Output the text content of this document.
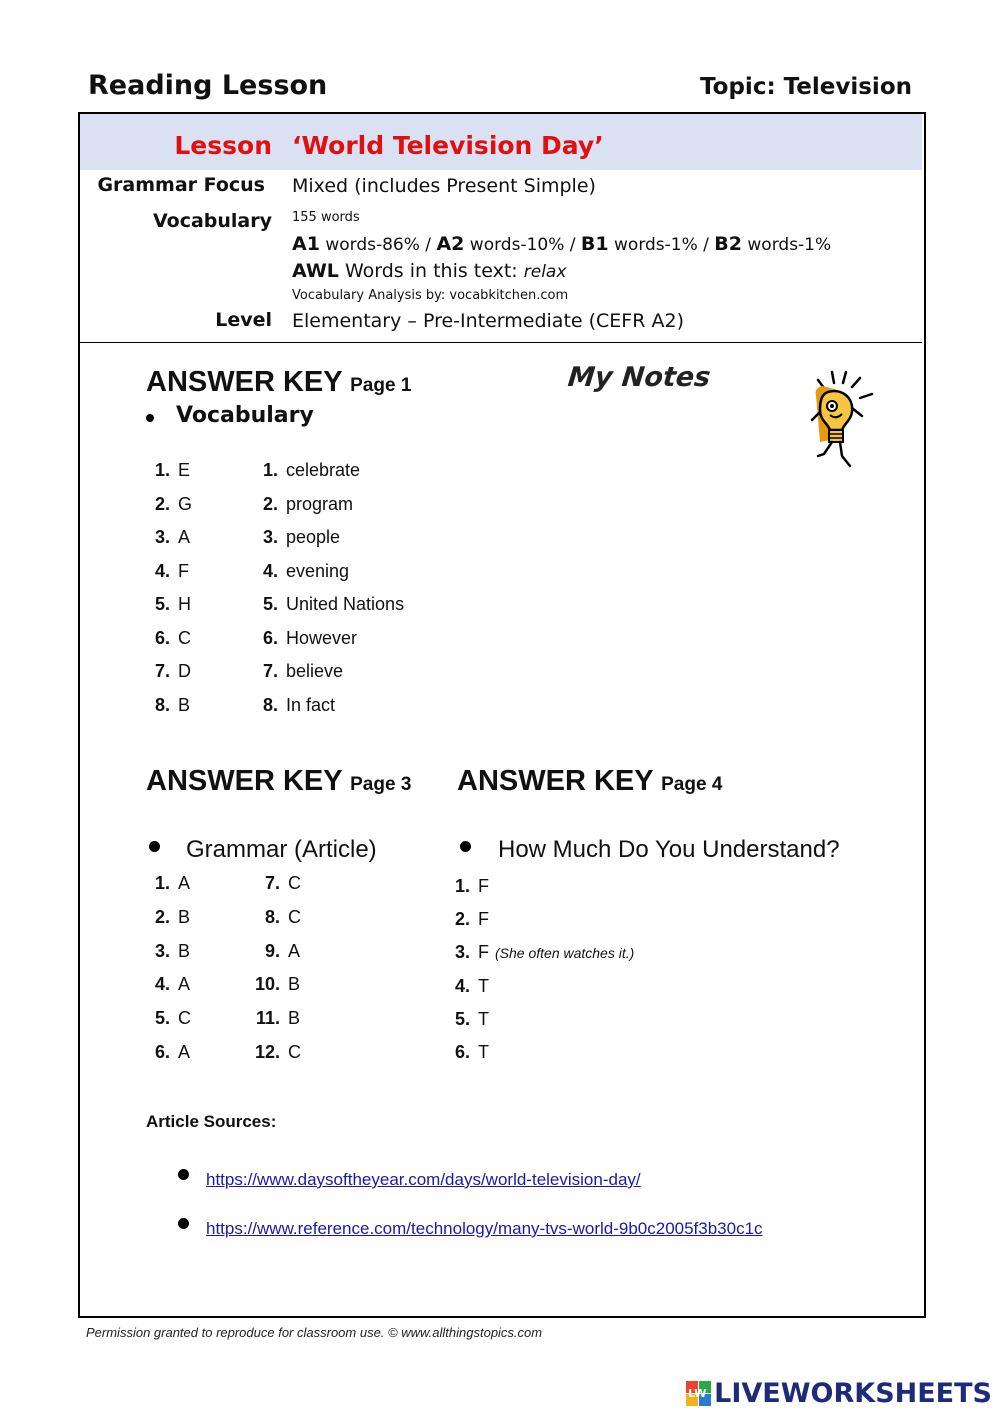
Reading Lesson	Topic: Television
Lesson ‘World Television Day’
Grammar Focus Mixed (includes Present Simple)
Vocabulary 155 words
A1 words-86% / A2 words-10% / B1 words-1% / B2 words-1%
AWL Words in this text: relax
Vocabulary Analysis by: vocabkitchen.com
Level Elementary – Pre-Intermediate (CEFR A2)
ANSWER KEY Page 1
Vocabulary
1. E
2. G
3. A
4. F
5. H
6. C
7. D
8. B
1. celebrate
2. program
3. people
4. evening
5. United Nations
6. However
7. believe
8. In fact
My Notes
ANSWER KEY Page 3
Grammar (Article)
1. A
2. B
3. B
4. A
5. C
6. A
7. C
8. C
9. A
10. B
11. B
12. C
ANSWER KEY Page 4
How Much Do You Understand?
1. F
2. F
3. F (She often watches it.)
4. T
5. T
6. T
Article Sources:
https://www.daysoftheyear.com/days/world-television-day/
https://www.reference.com/technology/many-tvs-world-9b0c2005f3b30c1c
Permission granted to reproduce for classroom use. © www.allthingstopics.com
LW LIVEWORKSHEETS
